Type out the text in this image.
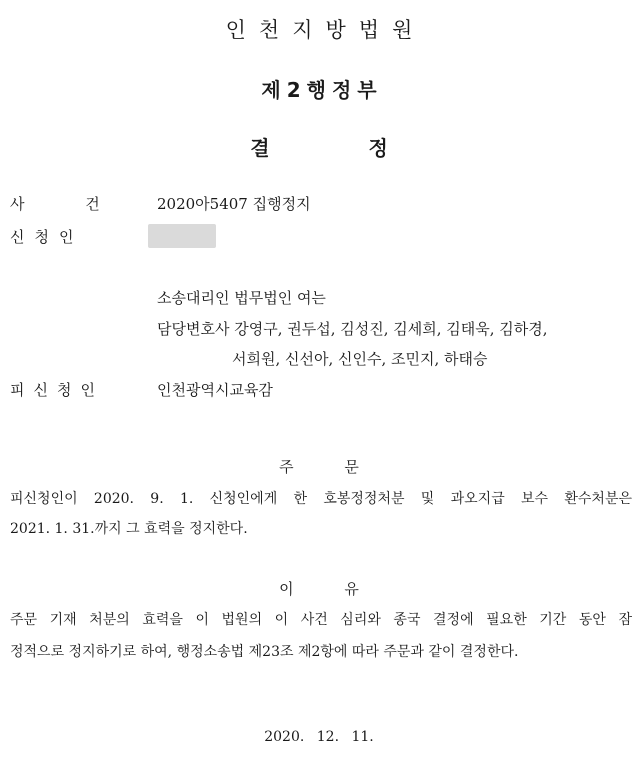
인천지방법원
제2행정부
결 정
사 건	2020아5407 집행정지
신청인
소송대리인 법무법인 여는
담당변호사 강영구, 권두섭, 김성진, 김세희, 김태욱, 김하경,
서희원, 신선아, 신인수, 조민지, 하태승
피신청인	인천광역시교육감
주 문
피신청인이 2020. 9. 1. 신청인에게 한 호봉정정처분 및 과오지급 보수 환수처분은
2021. 1. 31.까지 그 효력을 정지한다.
이 유
주문 기재 처분의 효력을 이 법원의 이 사건 심리와 종국 결정에 필요한 기간 동안 잠
정적으로 정지하기로 하여, 행정소송법 제23조 제2항에 따라 주문과 같이 결정한다.
2020. 12. 11.
